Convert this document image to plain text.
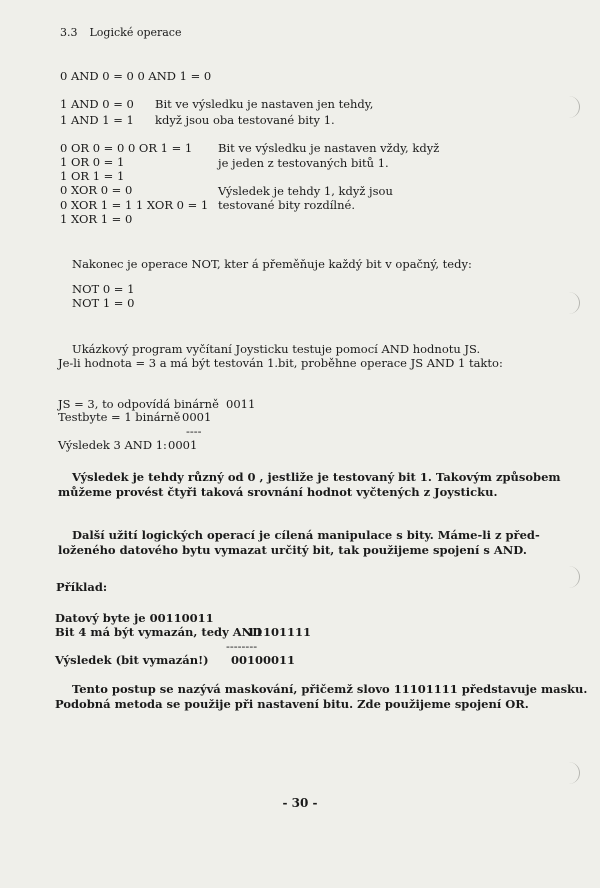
3.3 Logické operace
0 AND 0 = 0 0 AND 1 = 0
1 AND 0 = 0
1 AND 1 = 1
Bit ve výsledku je nastaven jen tehdy,
když jsou oba testované bity 1.
0 OR 0 = 0 0 OR 1 = 1
1 OR 0 = 1
1 OR 1 = 1
0 XOR 0 = 0
0 XOR 1 = 1 1 XOR 0 = 1
1 XOR 1 = 0
Bit ve výsledku je nastaven vždy, když
je jeden z testovaných bitů 1.
Výsledek je tehdy 1, když jsou
testované bity rozdílné.
Nakonec je operace NOT, kter á přeměňuje každý bit v opačný, tedy:
NOT 0 = 1
NOT 1 = 0
Ukázkový program vyčítaní Joysticku testuje pomocí AND hodnotu JS.
Je-li hodnota = 3 a má být testován 1.bit, proběhne operace JS AND 1 takto:
JS = 3, to odpovídá binárně 0011
Testbyte = 1 binárně 0001
----
Výsledek 3 AND 1: 0001
Výsledek je tehdy různý od 0 , jestliže je testovaný bit 1. Takovým způsobem
můžeme provést čtyři taková srovnání hodnot vyčtených z Joysticku.
Další užití logických operací je cílená manipulace s bity. Máme-li z před-
loženého datového bytu vymazat určitý bit, tak použijeme spojení s AND.
Příklad:
Datový byte je 00110011
Bit 4 má být vymazán, tedy AND
11101111
--------
Výsledek (bit vymazán!) 00100011
Tento postup se nazývá maskování, přičemž slovo 11101111 představuje masku.
Podobná metoda se použije při nastavení bitu. Zde použijeme spojení OR.
- 30 -
